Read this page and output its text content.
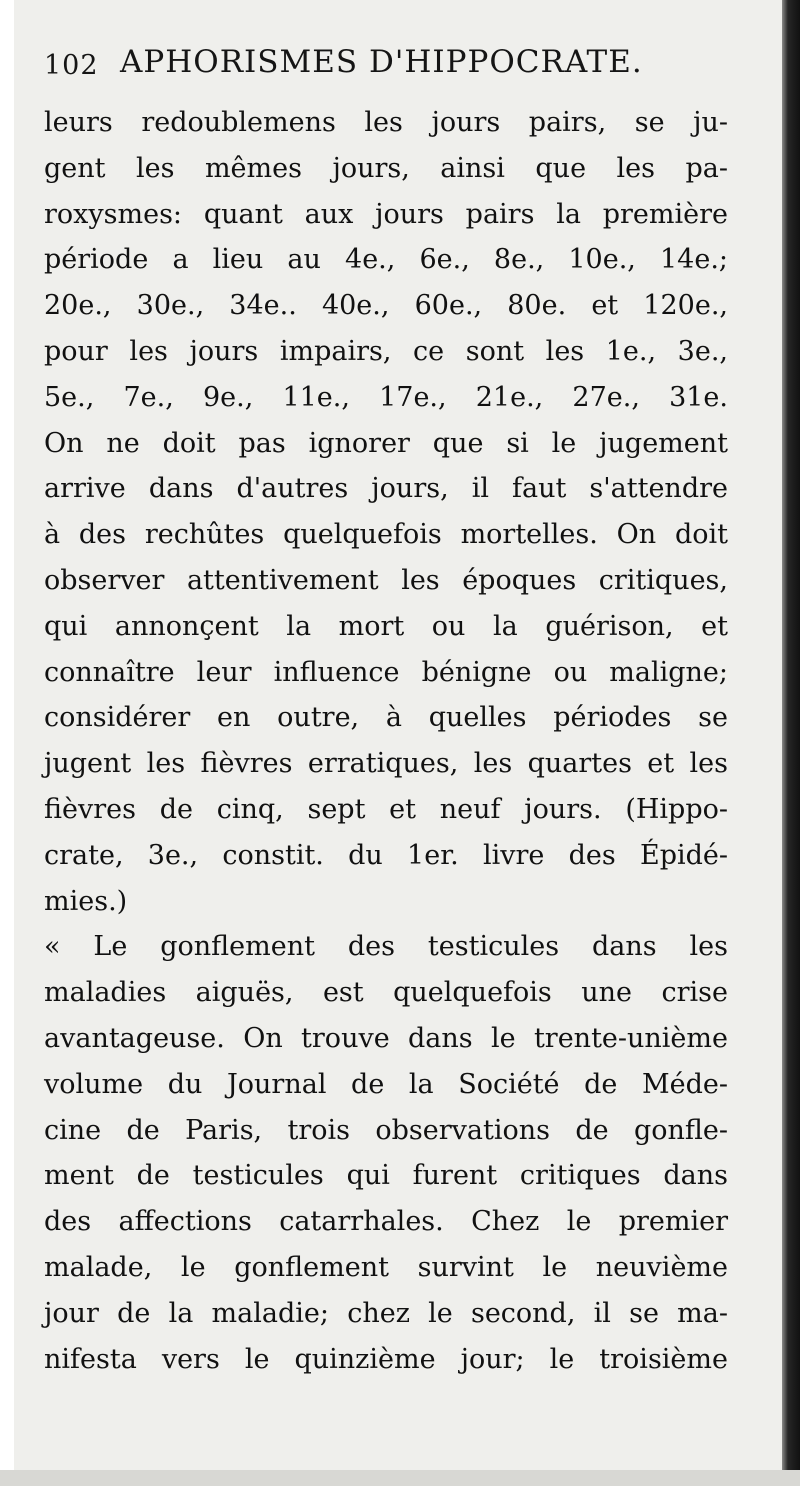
102 APHORISMES D'HIPPOCRATE.
leurs redoublemens les jours pairs, se ju-
gent les mêmes jours, ainsi que les pa-
roxysmes: quant aux jours pairs la première
période a lieu au 4e., 6e., 8e., 10e., 14e.;
20e., 30e., 34e.. 40e., 60e., 80e. et 120e.,
pour les jours impairs, ce sont les 1e., 3e.,
5e., 7e., 9e., 11e., 17e., 21e., 27e., 31e.
On ne doit pas ignorer que si le jugement
arrive dans d'autres jours, il faut s'attendre
à des rechûtes quelquefois mortelles. On doit
observer attentivement les époques critiques,
qui annonçent la mort ou la guérison, et
connaître leur influence bénigne ou maligne;
considérer en outre, à quelles périodes se
jugent les fièvres erratiques, les quartes et les
fièvres de cinq, sept et neuf jours. (Hippo-
crate, 3e., constit. du 1er. livre des Épidé-
mies.)
« Le gonflement des testicules dans les
maladies aiguës, est quelquefois une crise
avantageuse. On trouve dans le trente-unième
volume du Journal de la Société de Méde-
cine de Paris, trois observations de gonfle-
ment de testicules qui furent critiques dans
des affections catarrhales. Chez le premier
malade, le gonflement survint le neuvième
jour de la maladie; chez le second, il se ma-
nifesta vers le quinzième jour; le troisième
